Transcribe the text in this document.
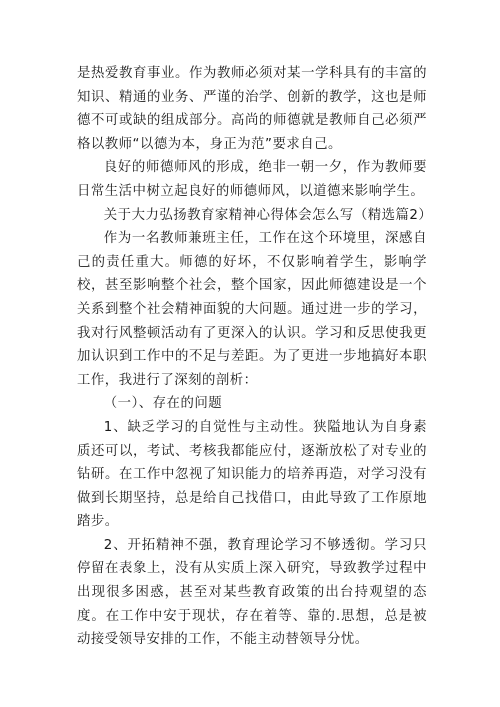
是热爱教育事业。作为教师必须对某一学科具有的丰富的知识、精通的业务、严谨的治学、创新的教学，这也是师德不可或缺的组成部分。高尚的师德就是教师自己必须严格以教师“以德为本，身正为范”要求自己。

良好的师德师风的形成，绝非一朝一夕，作为教师要日常生活中树立起良好的师德师风，以道德来影响学生。

关于大力弘扬教育家精神心得体会怎么写（精选篇2）

作为一名教师兼班主任，工作在这个环境里，深感自己的责任重大。师德的好坏，不仅影响着学生，影响学校，甚至影响整个社会，整个国家，因此师德建设是一个关系到整个社会精神面貌的大问题。通过进一步的学习，我对行风整顿活动有了更深入的认识。学习和反思使我更加认识到工作中的不足与差距。为了更进一步地搞好本职工作，我进行了深刻的剖析：

（一）、存在的问题

1、缺乏学习的自觉性与主动性。狭隘地认为自身素质还可以，考试、考核我都能应付，逐渐放松了对专业的钻研。在工作中忽视了知识能力的培养再造，对学习没有做到长期坚持，总是给自己找借口，由此导致了工作原地踏步。

2、开拓精神不强，教育理论学习不够透彻。学习只停留在表象上，没有从实质上深入研究，导致教学过程中出现很多困惑，甚至对某些教育政策的出台持观望的态度。在工作中安于现状，存在着等、靠的.思想，总是被动接受领导安排的工作，不能主动替领导分忧。
